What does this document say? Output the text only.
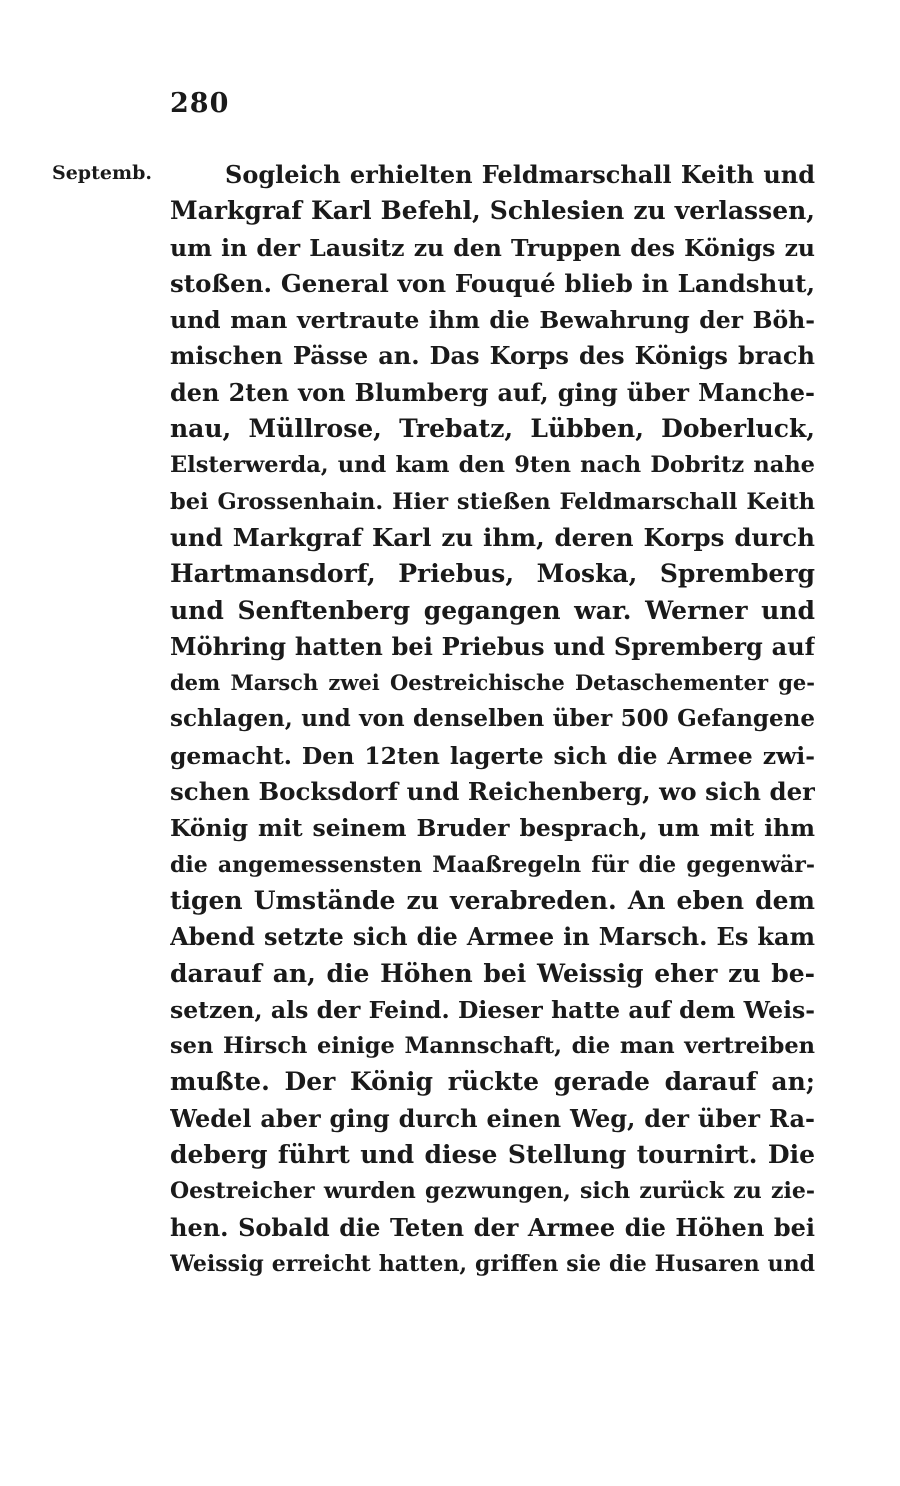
280
Septemb.	Sogleich erhielten Feldmarschall Keith und
Markgraf Karl Befehl, Schlesien zu verlassen,
um in der Lausitz zu den Truppen des Königs zu
stoßen. General von Fouqué blieb in Landshut,
und man vertraute ihm die Bewahrung der Böh-
mischen Pässe an. Das Korps des Königs brach
den 2ten von Blumberg auf, ging über Manche-
nau, Müllrose, Trebatz, Lübben, Doberluck,
Elsterwerda, und kam den 9ten nach Dobritz nahe
bei Grossenhain. Hier stießen Feldmarschall Keith
und Markgraf Karl zu ihm, deren Korps durch
Hartmansdorf, Priebus, Moska, Spremberg
und Senftenberg gegangen war. Werner und
Möhring hatten bei Priebus und Spremberg auf
dem Marsch zwei Oestreichische Detaschementer ge-
schlagen, und von denselben über 500 Gefangene
gemacht. Den 12ten lagerte sich die Armee zwi-
schen Bocksdorf und Reichenberg, wo sich der
König mit seinem Bruder besprach, um mit ihm
die angemessensten Maaßregeln für die gegenwär-
tigen Umstände zu verabreden. An eben dem
Abend setzte sich die Armee in Marsch. Es kam
darauf an, die Höhen bei Weissig eher zu be-
setzen, als der Feind. Dieser hatte auf dem Weis-
sen Hirsch einige Mannschaft, die man vertreiben
mußte. Der König rückte gerade darauf an;
Wedel aber ging durch einen Weg, der über Ra-
deberg führt und diese Stellung tournirt. Die
Oestreicher wurden gezwungen, sich zurück zu zie-
hen. Sobald die Teten der Armee die Höhen bei
Weissig erreicht hatten, griffen sie die Husaren und
